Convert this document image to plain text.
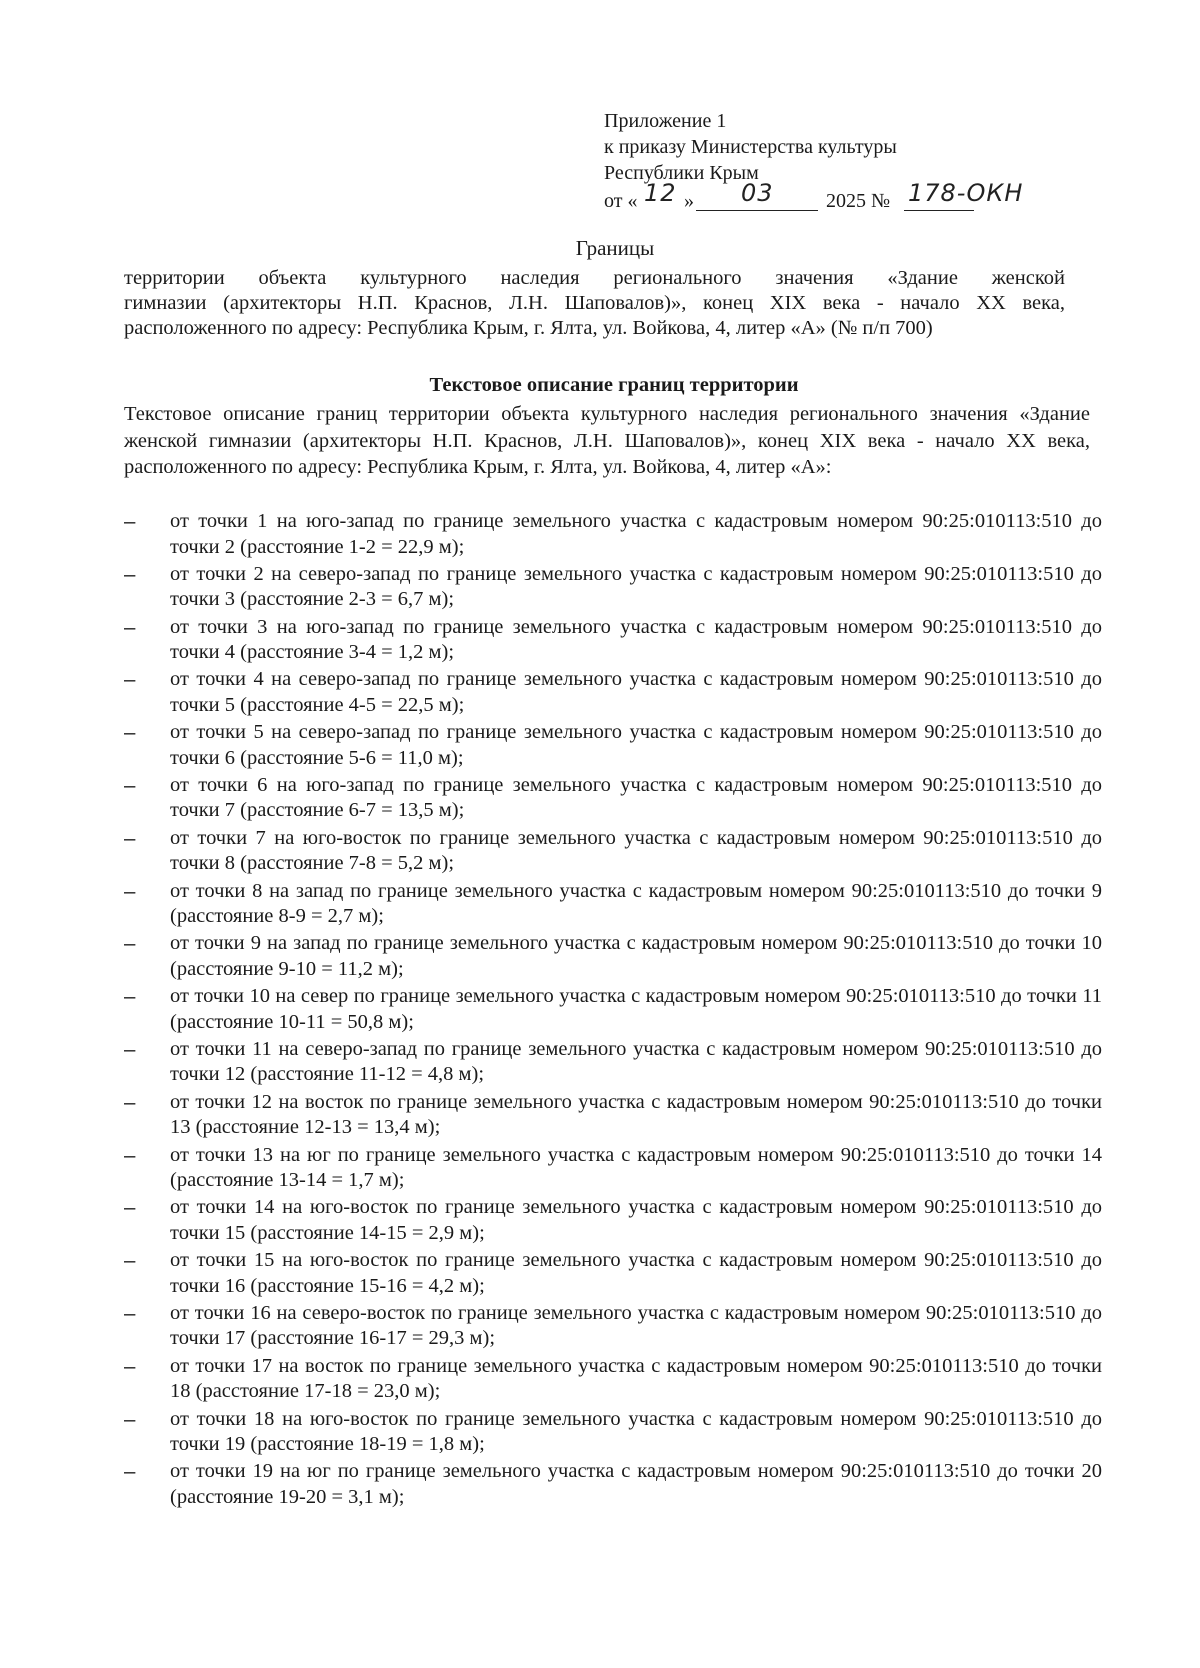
Приложение 1
к приказу Министерства культуры
Республики Крым
от « 12 » 03	2025 № 178-ОКН
Границы
территории объекта культурного наследия регионального значения «Здание женской
гимназии (архитекторы Н.П. Краснов, Л.Н. Шаповалов)», конец XIX века - начало XX века,
расположенного по адресу: Республика Крым, г. Ялта, ул. Войкова, 4, литер «А» (№ п/п 700)
Текстовое описание границ территории

Текстовое описание границ территории объекта культурного наследия регионального значения «Здание женской гимназии (архитекторы Н.П. Краснов, Л.Н. Шаповалов)», конец XIX века - начало XX века, расположенного по адресу: Республика Крым, г. Ялта, ул. Войкова, 4, литер «А»:

– от точки 1 на юго-запад по границе земельного участка с кадастровым номером 90:25:010113:510 до точки 2 (расстояние 1-2 = 22,9 м);
– от точки 2 на северо-запад по границе земельного участка с кадастровым номером 90:25:010113:510 до точки 3 (расстояние 2-3 = 6,7 м);
– от точки 3 на юго-запад по границе земельного участка с кадастровым номером 90:25:010113:510 до точки 4 (расстояние 3-4 = 1,2 м);
– от точки 4 на северо-запад по границе земельного участка с кадастровым номером 90:25:010113:510 до точки 5 (расстояние 4-5 = 22,5 м);
– от точки 5 на северо-запад по границе земельного участка с кадастровым номером 90:25:010113:510 до точки 6 (расстояние 5-6 = 11,0 м);
– от точки 6 на юго-запад по границе земельного участка с кадастровым номером 90:25:010113:510 до точки 7 (расстояние 6-7 = 13,5 м);
– от точки 7 на юго-восток по границе земельного участка с кадастровым номером 90:25:010113:510 до точки 8 (расстояние 7-8 = 5,2 м);
– от точки 8 на запад по границе земельного участка с кадастровым номером 90:25:010113:510 до точки 9 (расстояние 8-9 = 2,7 м);
– от точки 9 на запад по границе земельного участка с кадастровым номером 90:25:010113:510 до точки 10 (расстояние 9-10 = 11,2 м);
– от точки 10 на север по границе земельного участка с кадастровым номером 90:25:010113:510 до точки 11 (расстояние 10-11 = 50,8 м);
– от точки 11 на северо-запад по границе земельного участка с кадастровым номером 90:25:010113:510 до точки 12 (расстояние 11-12 = 4,8 м);
– от точки 12 на восток по границе земельного участка с кадастровым номером 90:25:010113:510 до точки 13 (расстояние 12-13 = 13,4 м);
– от точки 13 на юг по границе земельного участка с кадастровым номером 90:25:010113:510 до точки 14 (расстояние 13-14 = 1,7 м);
– от точки 14 на юго-восток по границе земельного участка с кадастровым номером 90:25:010113:510 до точки 15 (расстояние 14-15 = 2,9 м);
– от точки 15 на юго-восток по границе земельного участка с кадастровым номером 90:25:010113:510 до точки 16 (расстояние 15-16 = 4,2 м);
– от точки 16 на северо-восток по границе земельного участка с кадастровым номером 90:25:010113:510 до точки 17 (расстояние 16-17 = 29,3 м);
– от точки 17 на восток по границе земельного участка с кадастровым номером 90:25:010113:510 до точки 18 (расстояние 17-18 = 23,0 м);
– от точки 18 на юго-восток по границе земельного участка с кадастровым номером 90:25:010113:510 до точки 19 (расстояние 18-19 = 1,8 м);
– от точки 19 на юг по границе земельного участка с кадастровым номером 90:25:010113:510 до точки 20 (расстояние 19-20 = 3,1 м);
